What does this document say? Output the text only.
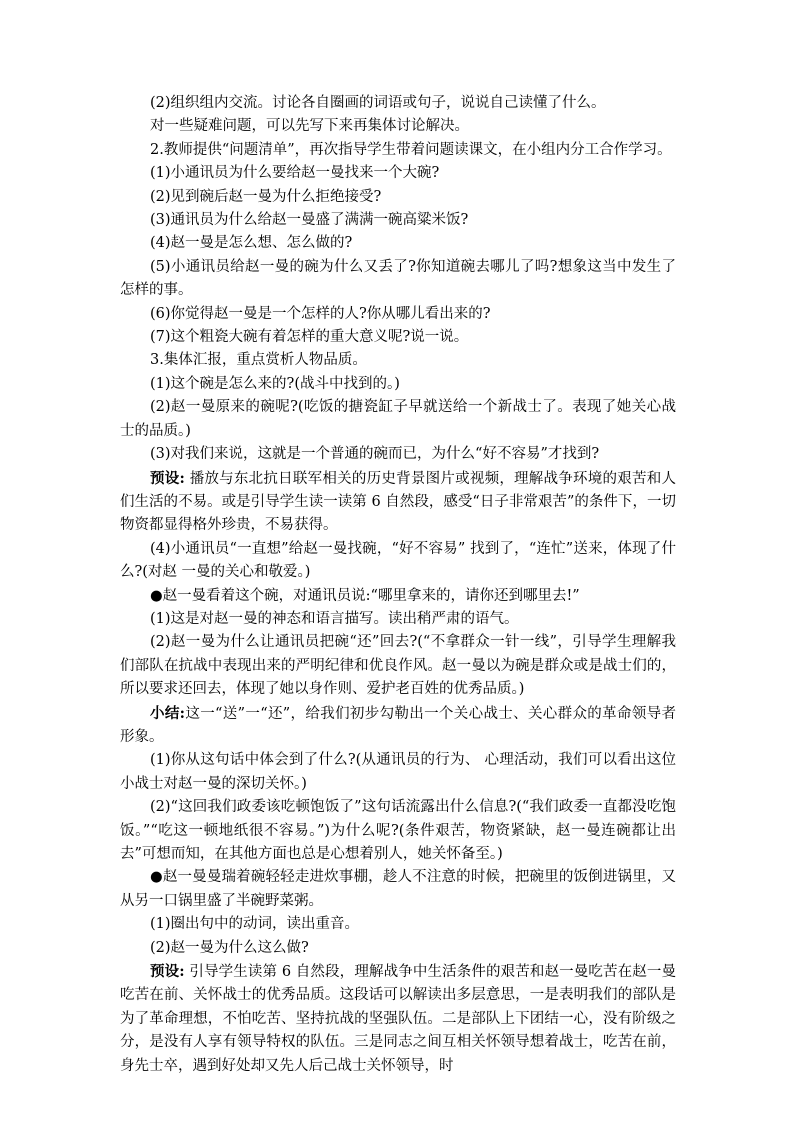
(2)组织组内交流。讨论各自圈画的词语或句子，说说自己读懂了什么。

对一些疑难问题，可以先写下来再集体讨论解决。

2.教师提供“问题清单”，再次指导学生带着问题读课文，在小组内分工合作学习。

(1)小通讯员为什么要给赵一曼找来一个大碗?

(2)见到碗后赵一曼为什么拒绝接受?

(3)通讯员为什么给赵一曼盛了满满一碗高粱米饭?

(4)赵一曼是怎么想、怎么做的?

(5)小通讯员给赵一曼的碗为什么又丢了?你知道碗去哪儿了吗?想象这当中发生了怎样的事。

(6)你觉得赵一曼是一个怎样的人?你从哪儿看出来的?

(7)这个粗瓷大碗有着怎样的重大意义呢?说一说。

3.集体汇报，重点赏析人物品质。

(1)这个碗是怎么来的?(战斗中找到的。)

(2)赵一曼原来的碗呢?(吃饭的搪瓷缸子早就送给一个新战士了。表现了她关心战士的品质。)

(3)对我们来说，这就是一个普通的碗而已，为什么“好不容易”才找到?

预设: 播放与东北抗日联军相关的历史背景图片或视频，理解战争环境的艰苦和人们生活的不易。或是引导学生读一读第 6 自然段，感受“日子非常艰苦”的条件下，一切物资都显得格外珍贵，不易获得。

(4)小通讯员“一直想”给赵一曼找碗，“好不容易” 找到了，“连忙”送来，体现了什么?(对赵 一曼的关心和敬爱。)

●赵一曼看着这个碗，对通讯员说:“哪里拿来的，请你还到哪里去!”

(1)这是对赵一曼的神态和语言描写。读出稍严肃的语气。

(2)赵一曼为什么让通讯员把碗“还”回去?(“不拿群众一针一线”，引导学生理解我们部队在抗战中表现出来的严明纪律和优良作风。赵一曼以为碗是群众或是战士们的，所以要求还回去，体现了她以身作则、爱护老百姓的优秀品质。)

小结:这一“送”一“还”，给我们初步勾勒出一个关心战士、关心群众的革命领导者形象。

(1)你从这句话中体会到了什么?(从通讯员的行为、 心理活动，我们可以看出这位小战士对赵一曼的深切关怀。)

(2)“这回我们政委该吃顿饱饭了”这句话流露出什么信息?(“我们政委一直都没吃饱饭。”“吃这一顿地纸很不容易。”)为什么呢?(条件艰苦，物资紧缺，赵一曼连碗都让出去”可想而知，在其他方面也总是心想着别人，她关怀备至。)

●赵一曼曼瑞着碗轻轻走进炊事棚，趁人不注意的时候，把碗里的饭倒进锅里，又从另一口锅里盛了半碗野菜粥。

(1)圈出句中的动词，读出重音。

(2)赵一曼为什么这么做?

预设: 引导学生读第 6 自然段，理解战争中生活条件的艰苦和赵一曼吃苦在赵一曼吃苦在前、关怀战士的优秀品质。这段话可以解读出多层意思，一是表明我们的部队是为了革命理想，不怕吃苦、坚持抗战的坚强队伍。二是部队上下团结一心，没有阶级之分，是没有人享有领导特权的队伍。三是同志之间互相关怀领导想着战士，吃苦在前，身先士卒，遇到好处却又先人后己战士关怀领导，时
